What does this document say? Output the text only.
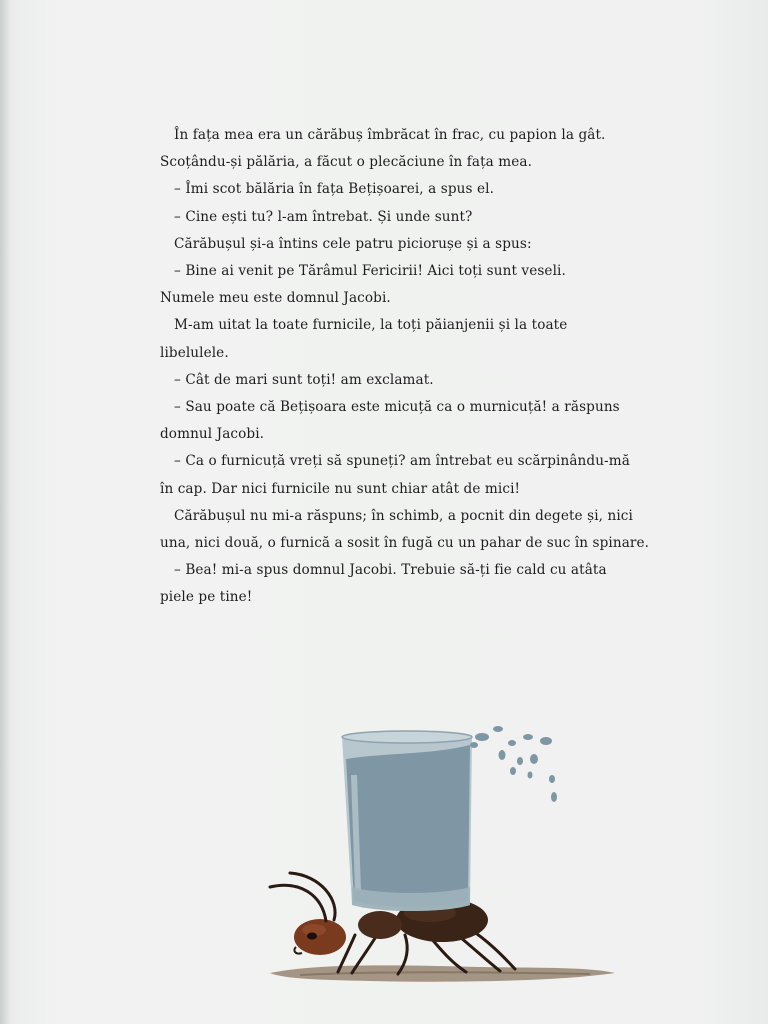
În fața mea era un cărăbuș îmbrăcat în frac, cu papion la gât.
Scoțându-și pălăria, a făcut o plecăciune în fața mea.
– Îmi scot bălăria în fața Bețișoarei, a spus el.
– Cine ești tu? l-am întrebat. Și unde sunt?
Cărăbușul și-a întins cele patru piciorușe și a spus:
– Bine ai venit pe Tărâmul Fericirii! Aici toți sunt veseli.
Numele meu este domnul Jacobi.
M-am uitat la toate furnicile, la toți păianjenii și la toate
libelulele.
– Cât de mari sunt toți! am exclamat.
– Sau poate că Bețișoara este micuță ca o murnicuță! a răspuns
domnul Jacobi.
– Ca o furnicuță vreți să spuneți? am întrebat eu scărpinându-mă
în cap. Dar nici furnicile nu sunt chiar atât de mici!
Cărăbușul nu mi-a răspuns; în schimb, a pocnit din degete și, nici
una, nici două, o furnică a sosit în fugă cu un pahar de suc în spinare.
– Bea! mi-a spus domnul Jacobi. Trebuie să-ți fie cald cu atâta
piele pe tine!
